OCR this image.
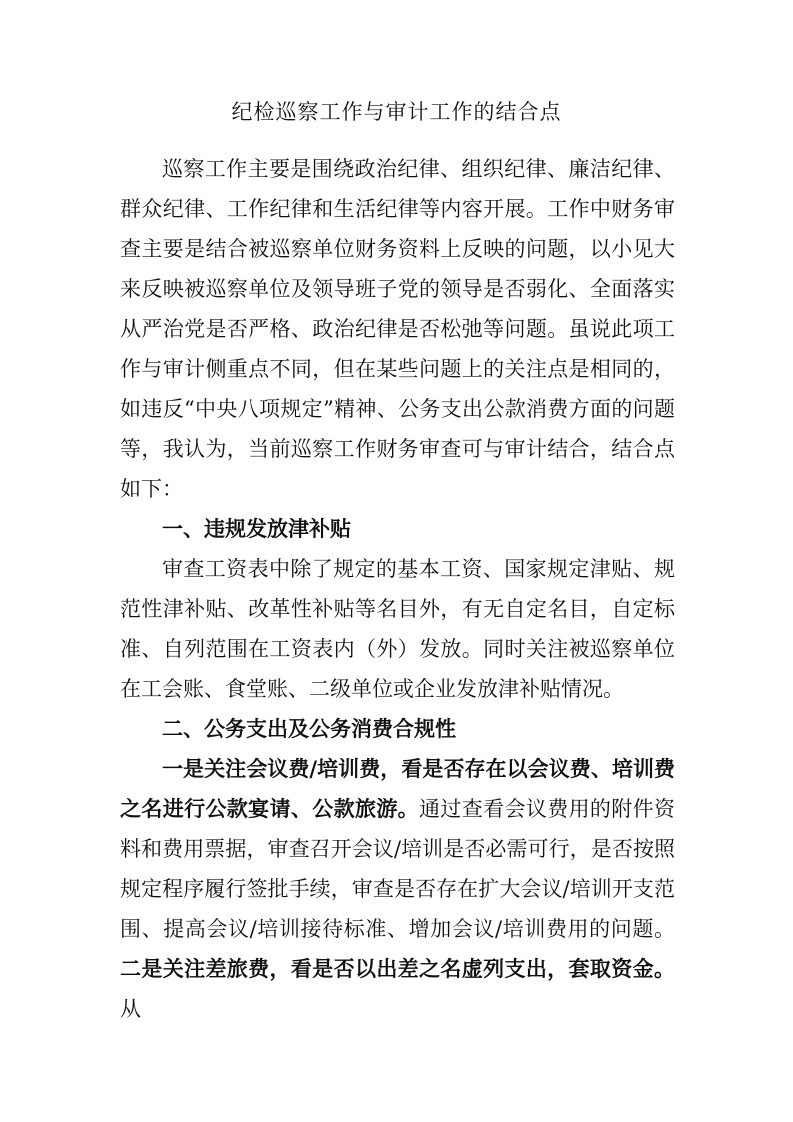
纪检巡察工作与审计工作的结合点

巡察工作主要是围绕政治纪律、组织纪律、廉洁纪律、群众纪律、工作纪律和生活纪律等内容开展。工作中财务审查主要是结合被巡察单位财务资料上反映的问题，以小见大来反映被巡察单位及领导班子党的领导是否弱化、全面落实从严治党是否严格、政治纪律是否松弛等问题。虽说此项工作与审计侧重点不同，但在某些问题上的关注点是相同的，如违反“中央八项规定”精神、公务支出公款消费方面的问题等，我认为，当前巡察工作财务审查可与审计结合，结合点如下：

一、违规发放津补贴

审查工资表中除了规定的基本工资、国家规定津贴、规范性津补贴、改革性补贴等名目外，有无自定名目，自定标准、自列范围在工资表内（外）发放。同时关注被巡察单位在工会账、食堂账、二级单位或企业发放津补贴情况。

二、公务支出及公务消费合规性

一是关注会议费/培训费，看是否存在以会议费、培训费之名进行公款宴请、公款旅游。通过查看会议费用的附件资料和费用票据，审查召开会议/培训是否必需可行，是否按照规定程序履行签批手续，审查是否存在扩大会议/培训开支范围、提高会议/培训接待标准、增加会议/培训费用的问题。二是关注差旅费，看是否以出差之名虚列支出，套取资金。从
